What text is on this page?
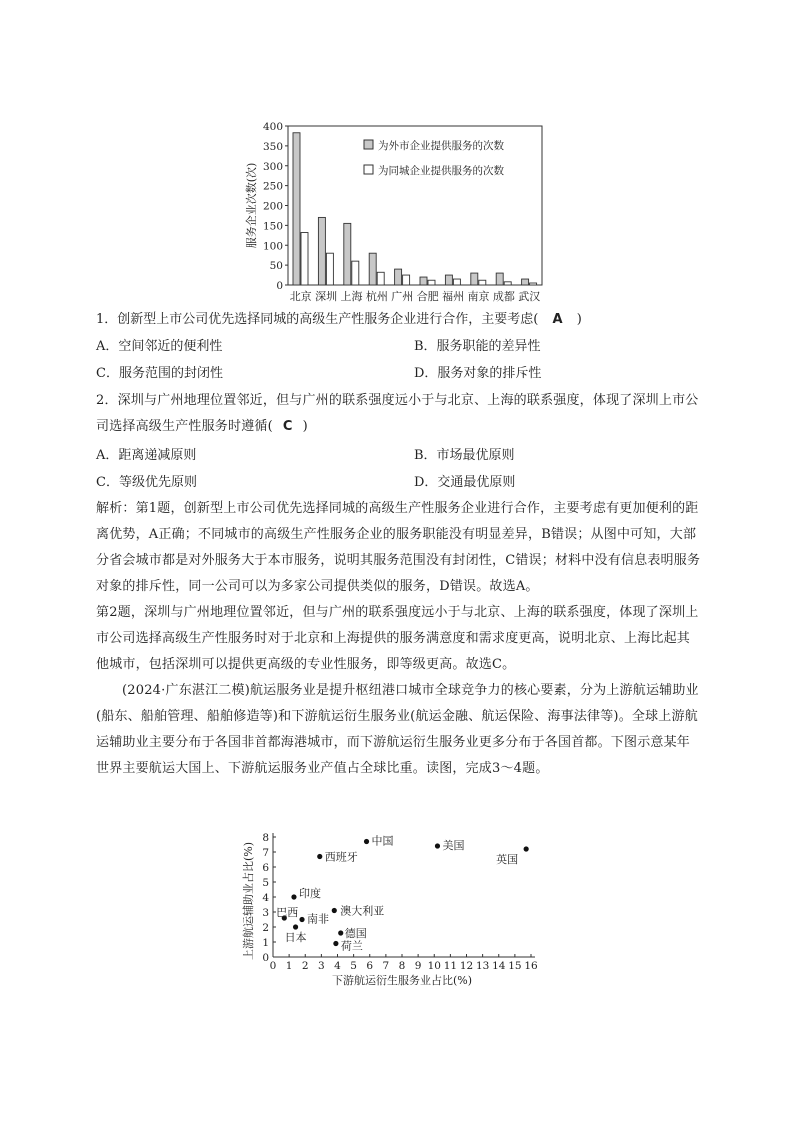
0
50
100
150
200
250
300
350
400
北京 深圳 上海 杭州 广州 合肥 福州 南京 成都 武汉
为外市企业提供服务的次数
为同城企业提供服务的次数
服务企业次数(次)
1．创新型上市公司优先选择同城的高级生产性服务企业进行合作，主要考虑( A )
A．空间邻近的便利性	B．服务职能的差异性
C．服务范围的封闭性	D．服务对象的排斥性
2．深圳与广州地理位置邻近，但与广州的联系强度远小于与北京、上海的联系强度，体现了深圳上市公司选择高级生产性服务时遵循( C )
A．距离递减原则	B．市场最优原则
C．等级优先原则	D．交通最优原则
解析：第1题，创新型上市公司优先选择同城的高级生产性服务企业进行合作，主要考虑有更加便利的距离优势，A正确；不同城市的高级生产性服务企业的服务职能没有明显差异，B错误；从图中可知，大部分省会城市都是对外服务大于本市服务，说明其服务范围没有封闭性，C错误；材料中没有信息表明服务对象的排斥性，同一公司可以为多家公司提供类似的服务，D错误。故选A。
第2题，深圳与广州地理位置邻近，但与广州的联系强度远小于与北京、上海的联系强度，体现了深圳上市公司选择高级生产性服务时对于北京和上海提供的服务满意度和需求度更高，说明北京、上海比起其他城市，包括深圳可以提供更高级的专业性服务，即等级更高。故选C。
(2024·广东湛江二模)航运服务业是提升枢纽港口城市全球竞争力的核心要素，分为上游航运辅助业(船东、船舶管理、船舶修造等)和下游航运衍生服务业(航运金融、航运保险、海事法律等)。全球上游航运辅助业主要分布于各国非首都海港城市，而下游航运衍生服务业更多分布于各国首都。下图示意某年世界主要航运大国上、下游航运服务业产值占全球比重。读图，完成3～4题。
0 1 2 3 4 5 6 7 8 9 10 11 12 13 14 15 16
0
1
2
3
4
5
6
7
8	中国	美国
英国
西班牙
印度
巴西 南非
日本
澳大利亚
德国
荷兰
下游航运衍生服务业占比(%)
上游航运辅助业占比(%)
